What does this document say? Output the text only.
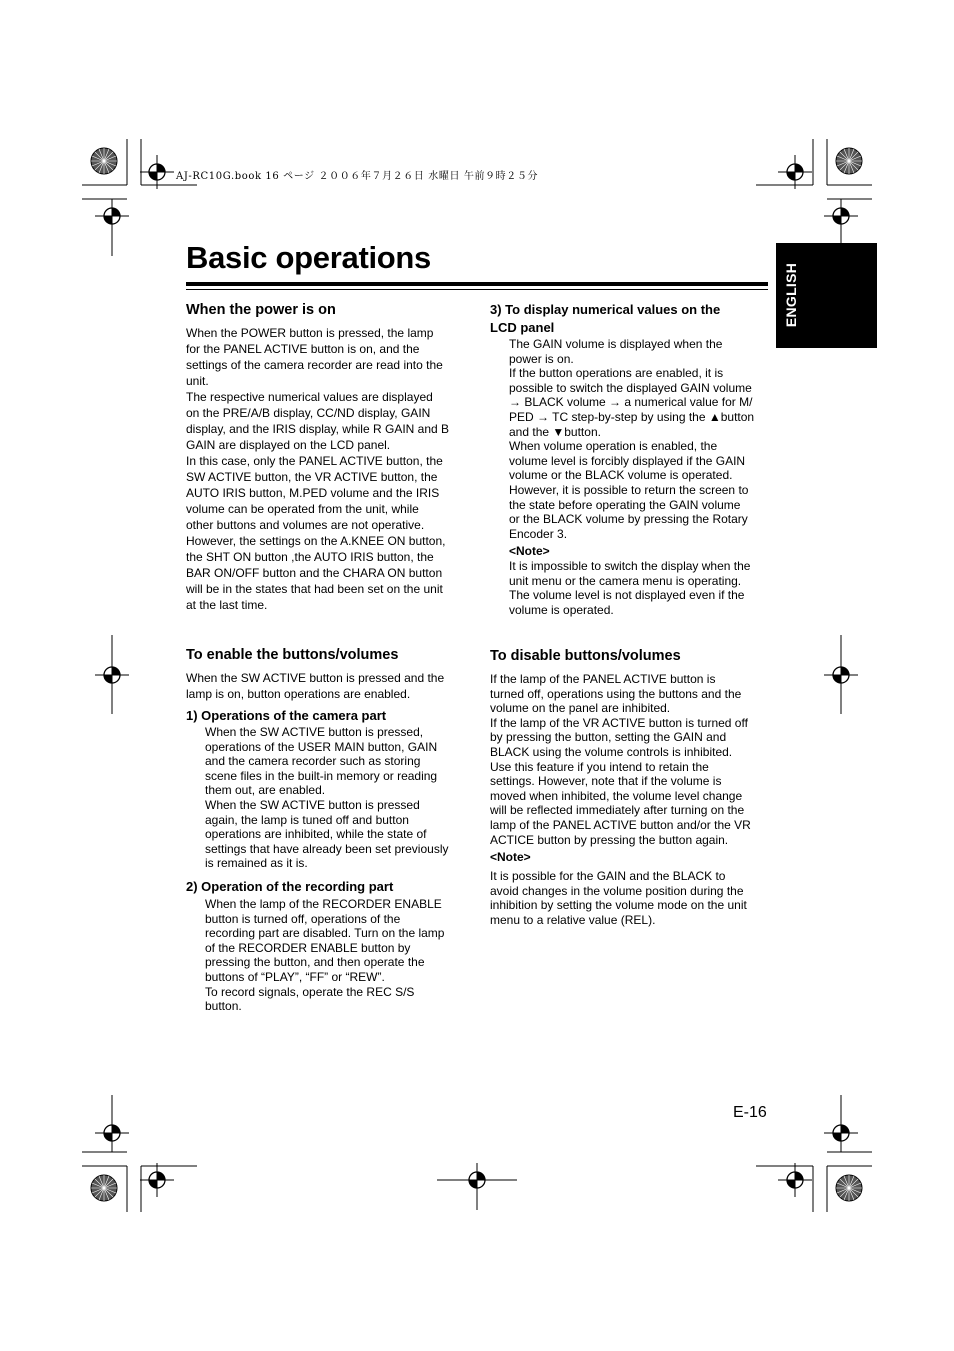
AJ-RC10G.book 16 ページ ２００６年７月２６日 水曜日 午前９時２５分
ENGLISH
Basic operations
When the power is on
When the POWER button is pressed, the lamp
for the PANEL ACTIVE button is on, and the
settings of the camera recorder are read into the
unit.
The respective numerical values are displayed
on the PRE/A/B display, CC/ND display, GAIN
display, and the IRIS display, while R GAIN and B
GAIN are displayed on the LCD panel.
In this case, only the PANEL ACTIVE button, the
SW ACTIVE button, the VR ACTIVE button, the
AUTO IRIS button, M.PED volume and the IRIS
volume can be operated from the unit, while
other buttons and volumes are not operative.
However, the settings on the A.KNEE ON button,
the SHT ON button ,the AUTO IRIS button, the
BAR ON/OFF button and the CHARA ON button
will be in the states that had been set on the unit
at the last time.
To enable the buttons/volumes
When the SW ACTIVE button is pressed and the
lamp is on, button operations are enabled.
1) Operations of the camera part
When the SW ACTIVE button is pressed,
operations of the USER MAIN button, GAIN
and the camera recorder such as storing
scene files in the built-in memory or reading
them out, are enabled.
When the SW ACTIVE button is pressed
again, the lamp is tuned off and button
operations are inhibited, while the state of
settings that have already been set previously
is remained as it is.
2) Operation of the recording part
When the lamp of the RECORDER ENABLE
button is turned off, operations of the
recording part are disabled. Turn on the lamp
of the RECORDER ENABLE button by
pressing the button, and then operate the
buttons of “PLAY”, “FF” or “REW”.
To record signals, operate the REC S/S
button.
3) To display numerical values on the
LCD panel
The GAIN volume is displayed when the
power is on.
If the button operations are enabled, it is
possible to switch the displayed GAIN volume
→ BLACK volume → a numerical value for M/
PED → TC step-by-step by using the ▲button
and the ▼button.
When volume operation is enabled, the
volume level is forcibly displayed if the GAIN
volume or the BLACK volume is operated.
However, it is possible to return the screen to
the state before operating the GAIN volume
or the BLACK volume by pressing the Rotary
Encoder 3.
<Note>
It is impossible to switch the display when the
unit menu or the camera menu is operating.
The volume level is not displayed even if the
volume is operated.
To disable buttons/volumes
If the lamp of the PANEL ACTIVE button is
turned off, operations using the buttons and the
volume on the panel are inhibited.
If the lamp of the VR ACTIVE button is turned off
by pressing the button, setting the GAIN and
BLACK using the volume controls is inhibited.
Use this feature if you intend to retain the
settings. However, note that if the volume is
moved when inhibited, the volume level change
will be reflected immediately after turning on the
lamp of the PANEL ACTIVE button and/or the VR
ACTICE button by pressing the button again.
<Note>
It is possible for the GAIN and the BLACK to
avoid changes in the volume position during the
inhibition by setting the volume mode on the unit
menu to a relative value (REL).
E-16
